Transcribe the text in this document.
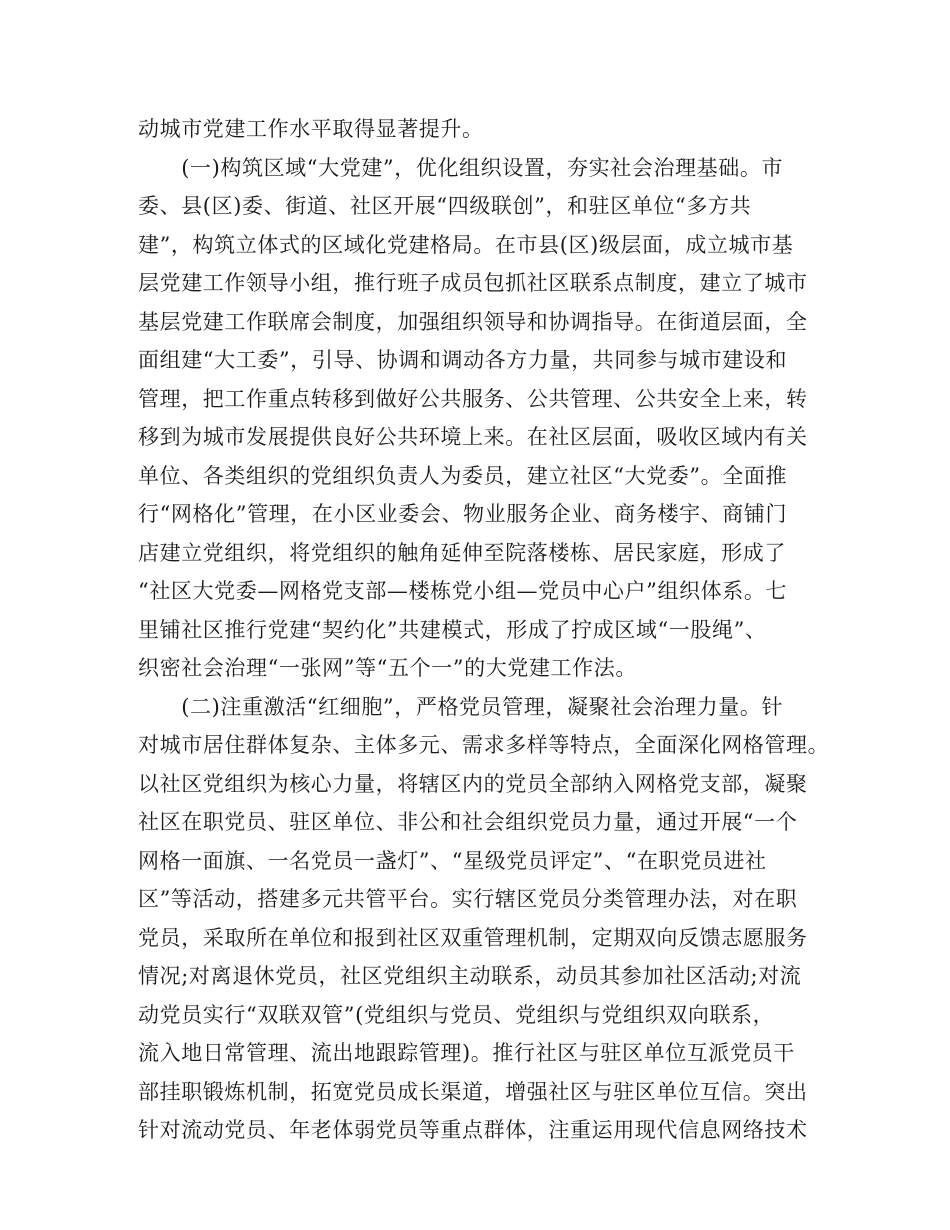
动城市党建工作水平取得显著提升。
　　(一)构筑区域“大党建”，优化组织设置，夯实社会治理基础。市
委、县(区)委、街道、社区开展“四级联创”，和驻区单位“多方共
建”，构筑立体式的区域化党建格局。在市县(区)级层面，成立城市基
层党建工作领导小组，推行班子成员包抓社区联系点制度，建立了城市
基层党建工作联席会制度，加强组织领导和协调指导。在街道层面，全
面组建“大工委”，引导、协调和调动各方力量，共同参与城市建设和
管理，把工作重点转移到做好公共服务、公共管理、公共安全上来，转
移到为城市发展提供良好公共环境上来。在社区层面，吸收区域内有关
单位、各类组织的党组织负责人为委员，建立社区“大党委”。全面推
行“网格化”管理，在小区业委会、物业服务企业、商务楼宇、商铺门
店建立党组织，将党组织的触角延伸至院落楼栋、居民家庭，形成了
“社区大党委—网格党支部—楼栋党小组—党员中心户”组织体系。七
里铺社区推行党建“契约化”共建模式，形成了拧成区域“一股绳”、
织密社会治理“一张网”等“五个一”的大党建工作法。
　　(二)注重激活“红细胞”，严格党员管理，凝聚社会治理力量。针
对城市居住群体复杂、主体多元、需求多样等特点，全面深化网格管理。
以社区党组织为核心力量，将辖区内的党员全部纳入网格党支部，凝聚
社区在职党员、驻区单位、非公和社会组织党员力量，通过开展“一个
网格一面旗、一名党员一盏灯”、“星级党员评定”、“在职党员进社
区”等活动，搭建多元共管平台。实行辖区党员分类管理办法，对在职
党员，采取所在单位和报到社区双重管理机制，定期双向反馈志愿服务
情况;对离退休党员，社区党组织主动联系，动员其参加社区活动;对流
动党员实行“双联双管”(党组织与党员、党组织与党组织双向联系，
流入地日常管理、流出地跟踪管理)。推行社区与驻区单位互派党员干
部挂职锻炼机制，拓宽党员成长渠道，增强社区与驻区单位互信。突出
针对流动党员、年老体弱党员等重点群体，注重运用现代信息网络技术
